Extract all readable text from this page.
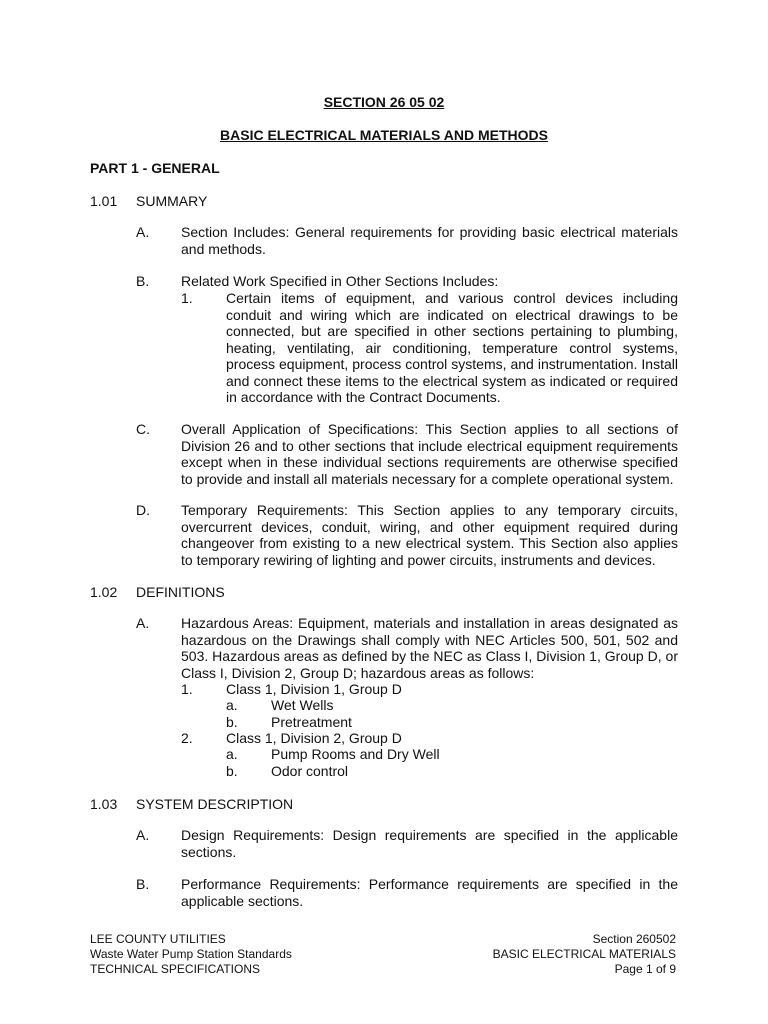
SECTION 26 05 02
BASIC ELECTRICAL MATERIALS AND METHODS
PART 1 - GENERAL
1.01 SUMMARY
A. Section Includes: General requirements for providing basic electrical materials and methods.
B. Related Work Specified in Other Sections Includes:
1. Certain items of equipment, and various control devices including conduit and wiring which are indicated on electrical drawings to be connected, but are specified in other sections pertaining to plumbing, heating, ventilating, air conditioning, temperature control systems, process equipment, process control systems, and instrumentation. Install and connect these items to the electrical system as indicated or required in accordance with the Contract Documents.
C. Overall Application of Specifications: This Section applies to all sections of Division 26 and to other sections that include electrical equipment requirements except when in these individual sections requirements are otherwise specified to provide and install all materials necessary for a complete operational system.
D. Temporary Requirements: This Section applies to any temporary circuits, overcurrent devices, conduit, wiring, and other equipment required during changeover from existing to a new electrical system. This Section also applies to temporary rewiring of lighting and power circuits, instruments and devices.
1.02 DEFINITIONS
A. Hazardous Areas: Equipment, materials and installation in areas designated as hazardous on the Drawings shall comply with NEC Articles 500, 501, 502 and 503. Hazardous areas as defined by the NEC as Class I, Division 1, Group D, or Class I, Division 2, Group D; hazardous areas as follows:
1. Class 1, Division 1, Group D
a. Wet Wells
b. Pretreatment
2. Class 1, Division 2, Group D
a. Pump Rooms and Dry Well
b. Odor control
1.03 SYSTEM DESCRIPTION
A. Design Requirements: Design requirements are specified in the applicable sections.
B. Performance Requirements: Performance requirements are specified in the applicable sections.
LEE COUNTY UTILITIES
Waste Water Pump Station Standards
TECHNICAL SPECIFICATIONS
Section 260502
BASIC ELECTRICAL MATERIALS
Page 1 of 9
